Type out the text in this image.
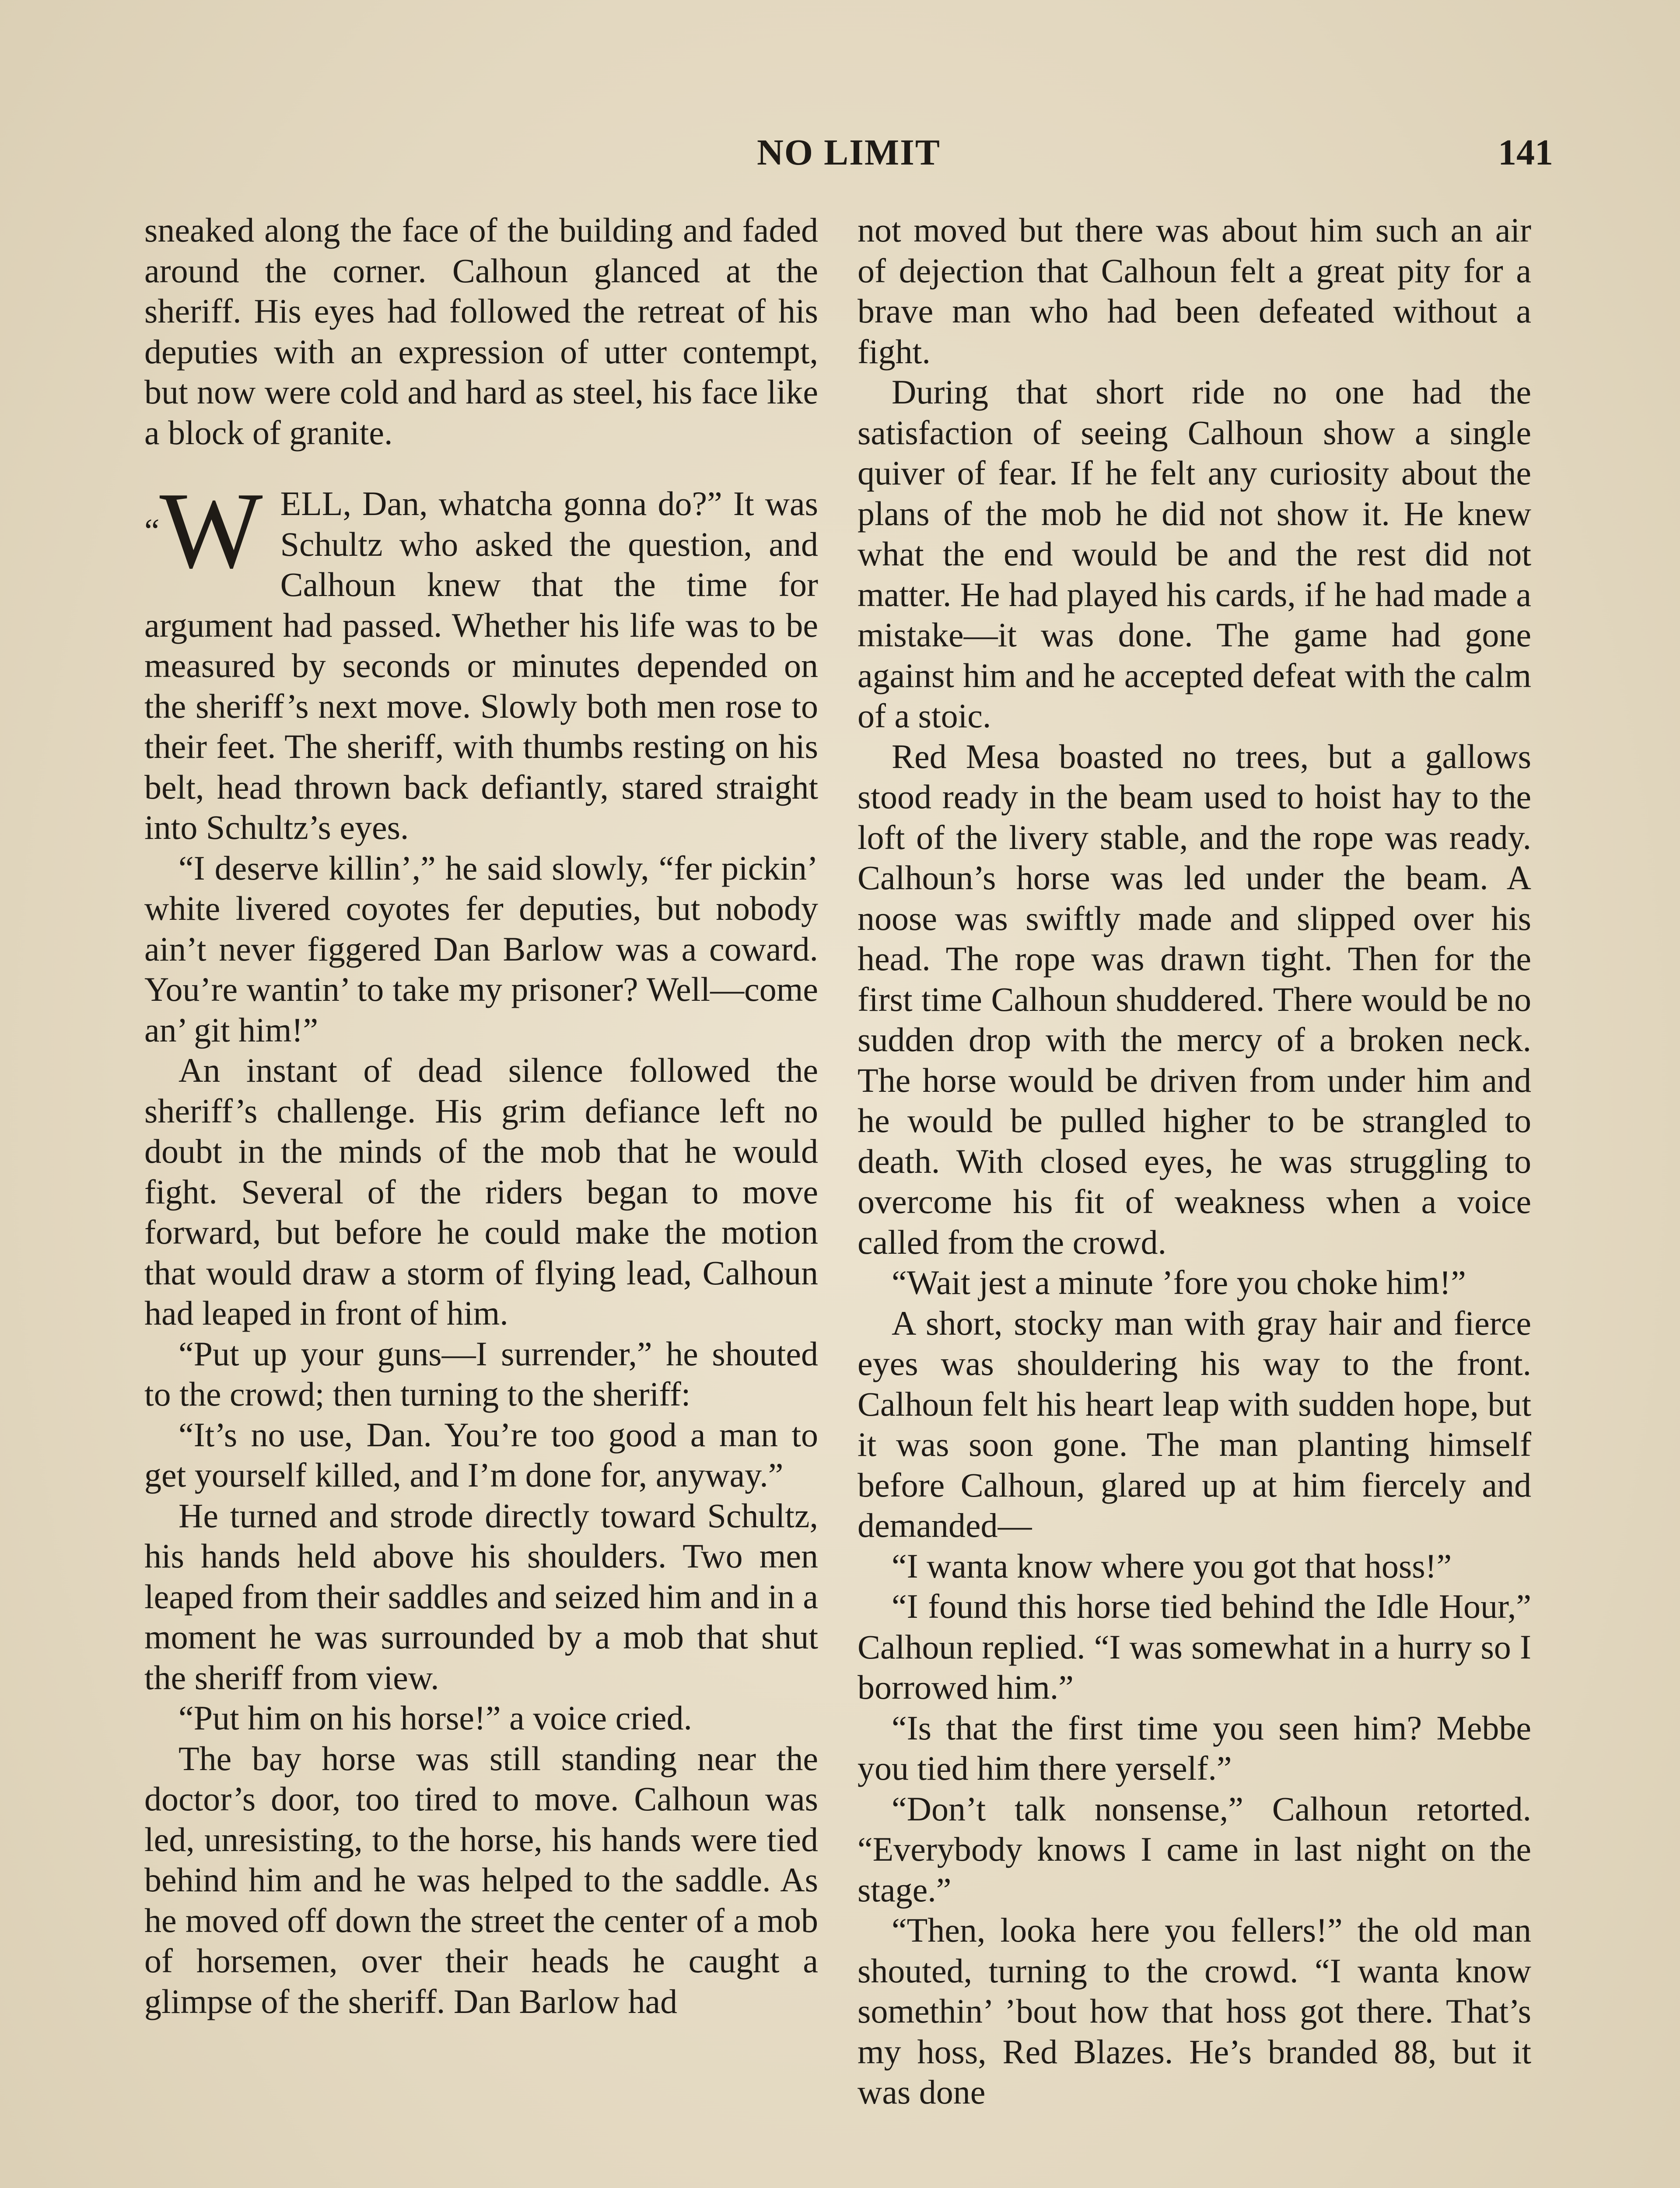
NO LIMIT	141

sneaked along the face of the building and faded around the corner. Calhoun glanced at the sheriff. His eyes had followed the retreat of his deputies with an expression of utter contempt, but now were cold and hard as steel, his face like a block of granite.

“W ELL, Dan, whatcha gonna do?” It was Schultz who asked the question, and Calhoun knew that the time for argument had passed. Whether his life was to be measured by seconds or minutes depended on the sheriff’s next move. Slowly both men rose to their feet. The sheriff, with thumbs resting on his belt, head thrown back defiantly, stared straight into Schultz’s eyes.

“I deserve killin’,” he said slowly, “fer pickin’ white livered coyotes fer deputies, but nobody ain’t never figgered Dan Barlow was a coward. You’re wantin’ to take my prisoner? Well—come an’ git him!”

An instant of dead silence followed the sheriff’s challenge. His grim defiance left no doubt in the minds of the mob that he would fight. Several of the riders began to move forward, but before he could make the motion that would draw a storm of flying lead, Calhoun had leaped in front of him.

“Put up your guns—I surrender,” he shouted to the crowd; then turning to the sheriff:

“It’s no use, Dan. You’re too good a man to get yourself killed, and I’m done for, anyway.”

He turned and strode directly toward Schultz, his hands held above his shoulders. Two men leaped from their saddles and seized him and in a moment he was surrounded by a mob that shut the sheriff from view.

“Put him on his horse!” a voice cried.

The bay horse was still standing near the doctor’s door, too tired to move. Calhoun was led, unresisting, to the horse, his hands were tied behind him and he was helped to the saddle. As he moved off down the street the center of a mob of horsemen, over their heads he caught a glimpse of the sheriff. Dan Barlow had

not moved but there was about him such an air of dejection that Calhoun felt a great pity for a brave man who had been defeated without a fight.

During that short ride no one had the satisfaction of seeing Calhoun show a single quiver of fear. If he felt any curiosity about the plans of the mob he did not show it. He knew what the end would be and the rest did not matter. He had played his cards, if he had made a mistake—it was done. The game had gone against him and he accepted defeat with the calm of a stoic.

Red Mesa boasted no trees, but a gallows stood ready in the beam used to hoist hay to the loft of the livery stable, and the rope was ready. Calhoun’s horse was led under the beam. A noose was swiftly made and slipped over his head. The rope was drawn tight. Then for the first time Calhoun shuddered. There would be no sudden drop with the mercy of a broken neck. The horse would be driven from under him and he would be pulled higher to be strangled to death. With closed eyes, he was struggling to overcome his fit of weakness when a voice called from the crowd.

“Wait jest a minute ’fore you choke him!”

A short, stocky man with gray hair and fierce eyes was shouldering his way to the front. Calhoun felt his heart leap with sudden hope, but it was soon gone. The man planting himself before Calhoun, glared up at him fiercely and demanded—

“I wanta know where you got that hoss!”

“I found this horse tied behind the Idle Hour,” Calhoun replied. “I was somewhat in a hurry so I borrowed him.”

“Is that the first time you seen him? Mebbe you tied him there yerself.”

“Don’t talk nonsense,” Calhoun retorted. “Everybody knows I came in last night on the stage.”

“Then, looka here you fellers!” the old man shouted, turning to the crowd. “I wanta know somethin’ ’bout how that hoss got there. That’s my hoss, Red Blazes. He’s branded 88, but it was done
